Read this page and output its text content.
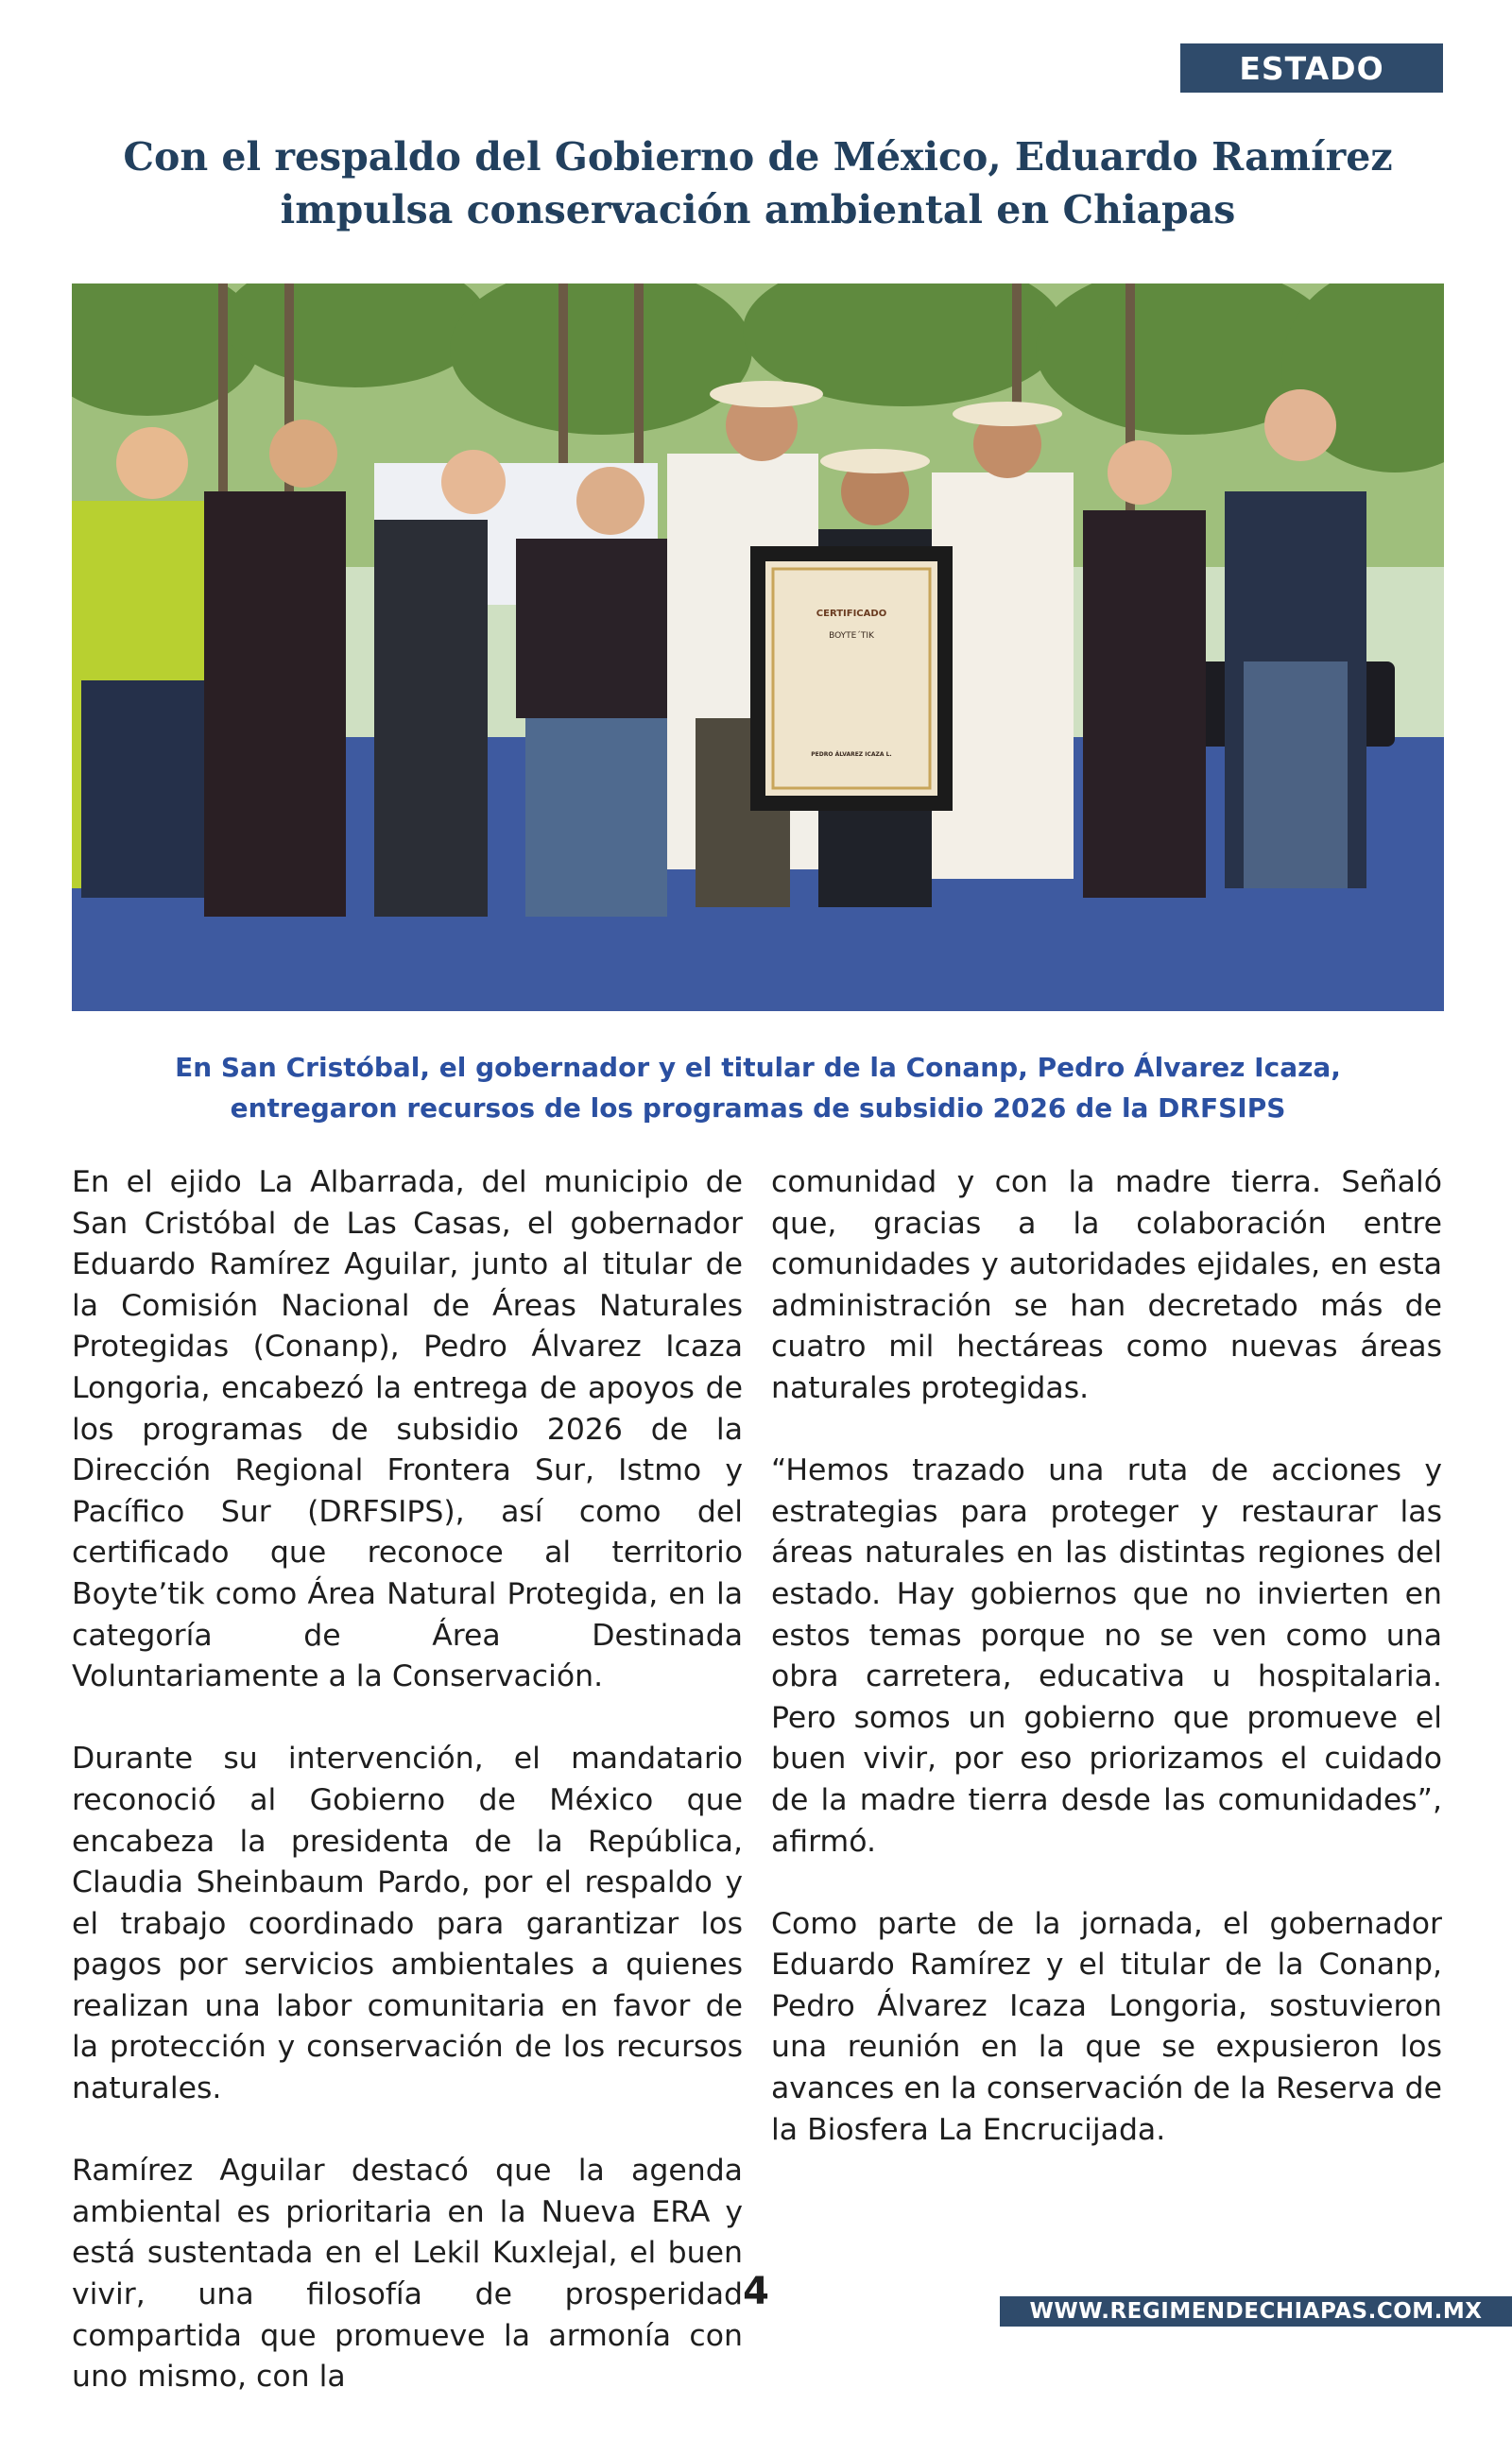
ESTADO
Con el respaldo del Gobierno de México, Eduardo Ramírez
impulsa conservación ambiental en Chiapas
CERTIFICADO
BOYTE´TIK
PEDRO ÁLVAREZ ICAZA L.

En San Cristóbal, el gobernador y el titular de la Conanp, Pedro Álvarez Icaza,
entregaron recursos de los programas de subsidio 2026 de la DRFSIPS

En el ejido La Albarrada, del municipio de San Cristóbal de Las Casas, el gobernador Eduardo Ramírez Aguilar, junto al titular de la Comisión Nacional de Áreas Naturales Protegidas (Conanp), Pedro Álvarez Icaza Longoria, encabezó la entrega de apoyos de los programas de subsidio 2026 de la Dirección Regional Frontera Sur, Istmo y Pacífico Sur (DRFSIPS), así como del certificado que reconoce al territorio Boyte’tik como Área Natural Protegida, en la categoría de Área Destinada Voluntariamente a la Conservación.

Durante su intervención, el mandatario reconoció al Gobierno de México que encabeza la presidenta de la República, Claudia Sheinbaum Pardo, por el respaldo y el trabajo coordinado para garantizar los pagos por servicios ambientales a quienes realizan una labor comunitaria en favor de la protección y conservación de los recursos naturales.

Ramírez Aguilar destacó que la agenda ambiental es prioritaria en la Nueva ERA y está sustentada en el Lekil Kuxlejal, el buen vivir, una filosofía de prosperidad compartida que promueve la armonía con uno mismo, con la

comunidad y con la madre tierra. Señaló que, gracias a la colaboración entre comunidades y autoridades ejidales, en esta administración se han decretado más de cuatro mil hectáreas como nuevas áreas naturales protegidas.

“Hemos trazado una ruta de acciones y estrategias para proteger y restaurar las áreas naturales en las distintas regiones del estado. Hay gobiernos que no invierten en estos temas porque no se ven como una obra carretera, educativa u hospitalaria. Pero somos un gobierno que promueve el buen vivir, por eso priorizamos el cuidado de la madre tierra desde las comunidades”, afirmó.

Como parte de la jornada, el gobernador Eduardo Ramírez y el titular de la Conanp, Pedro Álvarez Icaza Longoria, sostuvieron una reunión en la que se expusieron los avances en la conservación de la Reserva de la Biosfera La Encrucijada.

4	WWW.REGIMENDECHIAPAS.COM.MX
